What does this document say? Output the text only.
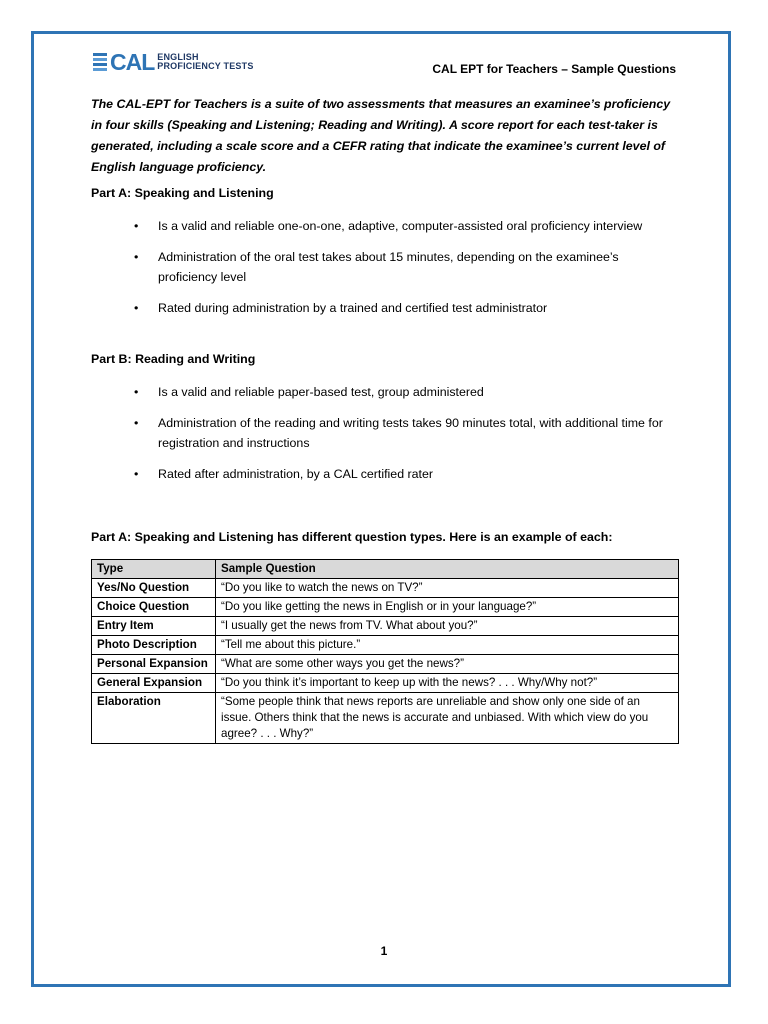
CAL ENGLISH
PROFICIENCY TESTS	CAL EPT for Teachers – Sample Questions
The CAL-EPT for Teachers is a suite of two assessments that measures an examinee’s proficiency in four skills (Speaking and Listening; Reading and Writing). A score report for each test-taker is generated, including a scale score and a CEFR rating that indicate the examinee’s current level of English language proficiency.
Part A: Speaking and Listening
• Is a valid and reliable one-on-one, adaptive, computer-assisted oral proficiency interview
• Administration of the oral test takes about 15 minutes, depending on the examinee’s proficiency level
• Rated during administration by a trained and certified test administrator
Part B: Reading and Writing
• Is a valid and reliable paper-based test, group administered
• Administration of the reading and writing tests takes 90 minutes total, with additional time for registration and instructions
• Rated after administration, by a CAL certified rater
Part A: Speaking and Listening has different question types. Here is an example of each:
Type	Sample Question
Yes/No Question	“Do you like to watch the news on TV?”
Choice Question	“Do you like getting the news in English or in your language?”
Entry Item	“I usually get the news from TV. What about you?”
Photo Description	“Tell me about this picture.”
Personal Expansion	“What are some other ways you get the news?”
General Expansion	“Do you think it’s important to keep up with the news? . . . Why/Why not?”
Elaboration	“Some people think that news reports are unreliable and show only one side of an issue. Others think that the news is accurate and unbiased. With which view do you agree? . . . Why?”
1
